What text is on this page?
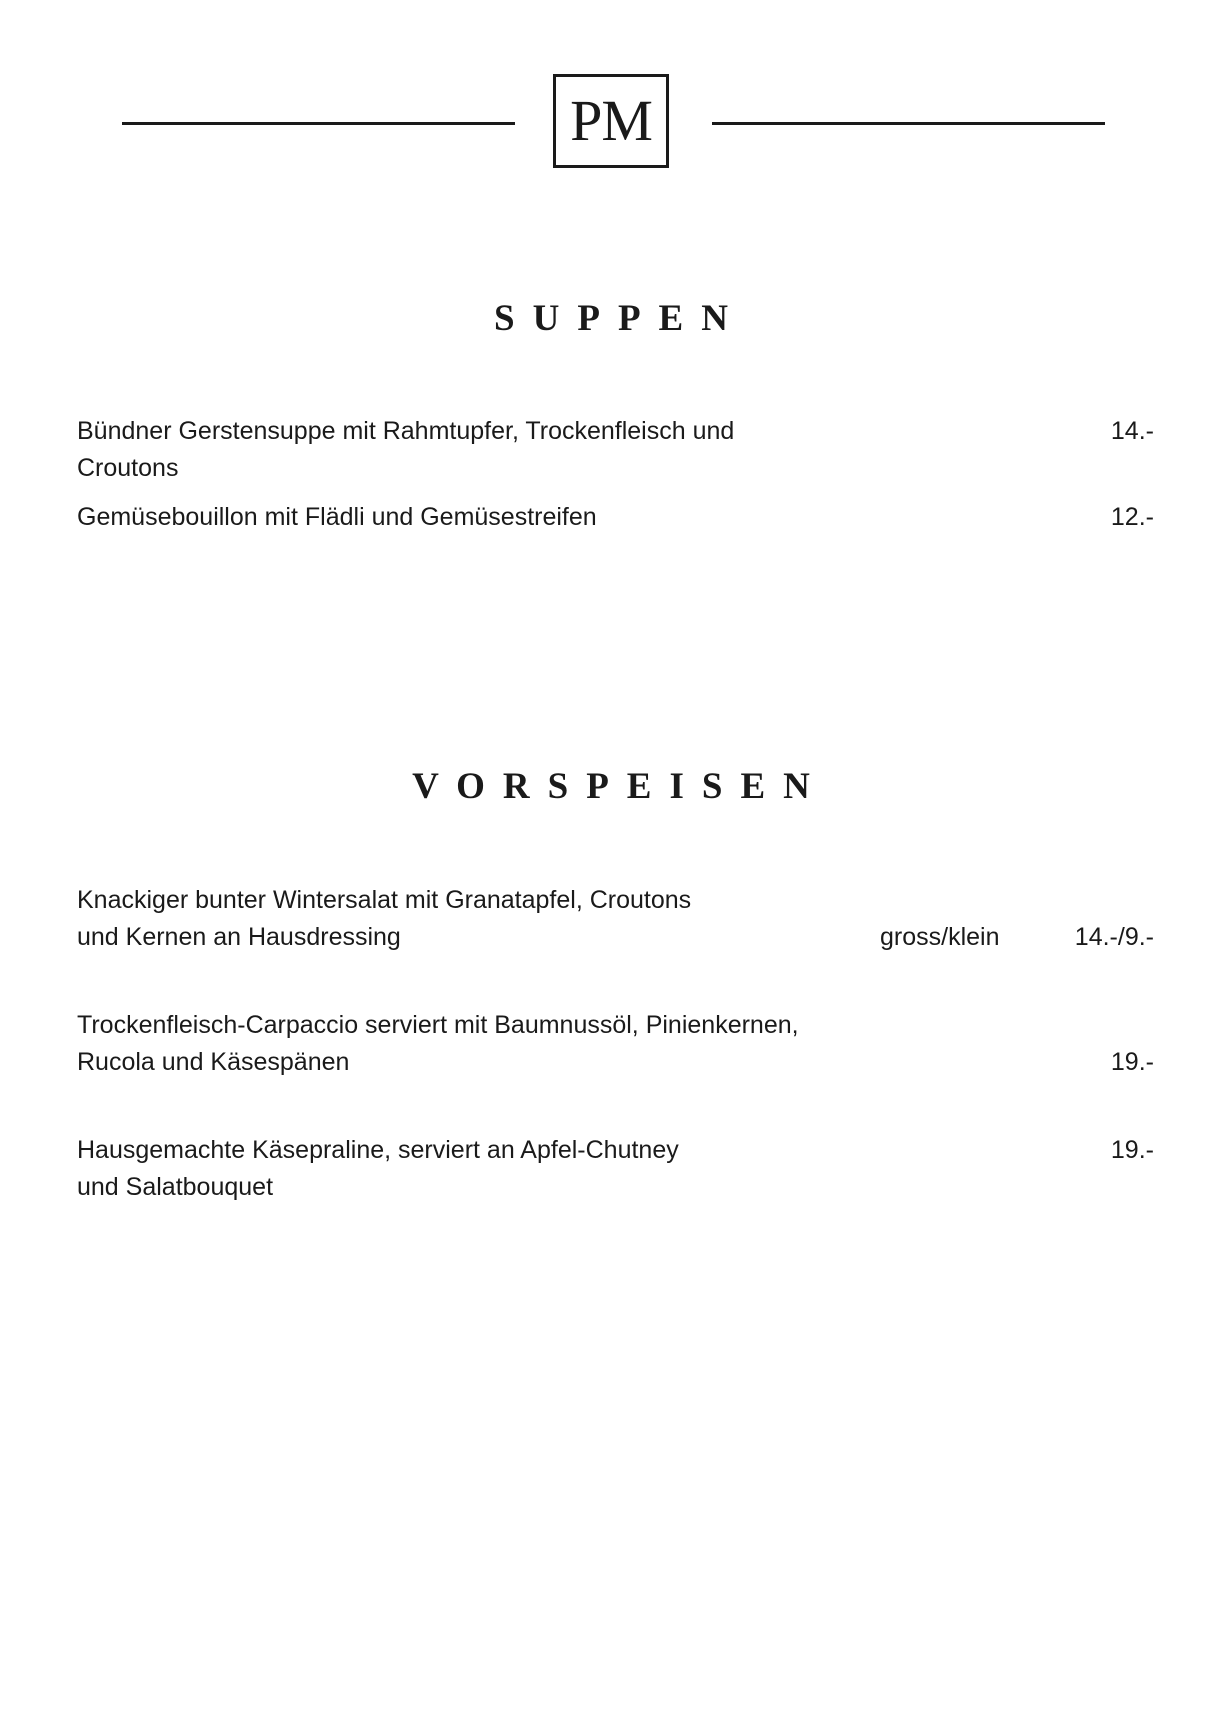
PM
SUPPEN
Bündner Gerstensuppe mit Rahmtupfer, Trockenfleisch und Croutons
14.-
Gemüsebouillon mit Flädli und Gemüsestreifen	12.-
VORSPEISEN
Knackiger bunter Wintersalat mit Granatapfel, Croutons
und Kernen an Hausdressing	gross/klein	14.-/9.-
Trockenfleisch-Carpaccio serviert mit Baumnussöl, Pinienkernen,
Rucola und Käsespänen	19.-
Hausgemachte Käsepraline, serviert an Apfel-Chutney
und Salatbouquet
19.-
